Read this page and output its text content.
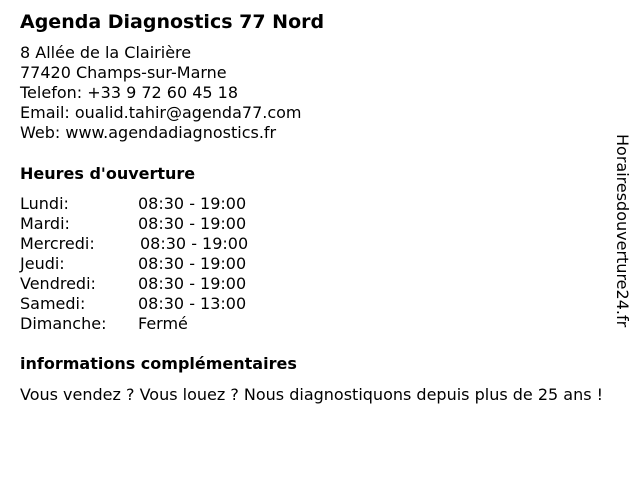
Agenda Diagnostics 77 Nord
8 Allée de la Clairière
77420 Champs-sur-Marne
Telefon: +33 9 72 60 45 18
Email: oualid.tahir@agenda77.com
Web: www.agendadiagnostics.fr
Heures d'ouverture
Lundi:	08:30 - 19:00
Mardi:	08:30 - 19:00
Mercredi:	08:30 - 19:00
Jeudi:	08:30 - 19:00
Vendredi:	08:30 - 19:00
Samedi:	08:30 - 13:00
Dimanche: Fermé
informations complémentaires
Vous vendez ? Vous louez ? Nous diagnostiquons depuis plus de 25 ans !
Horairesdouverture24.fr
